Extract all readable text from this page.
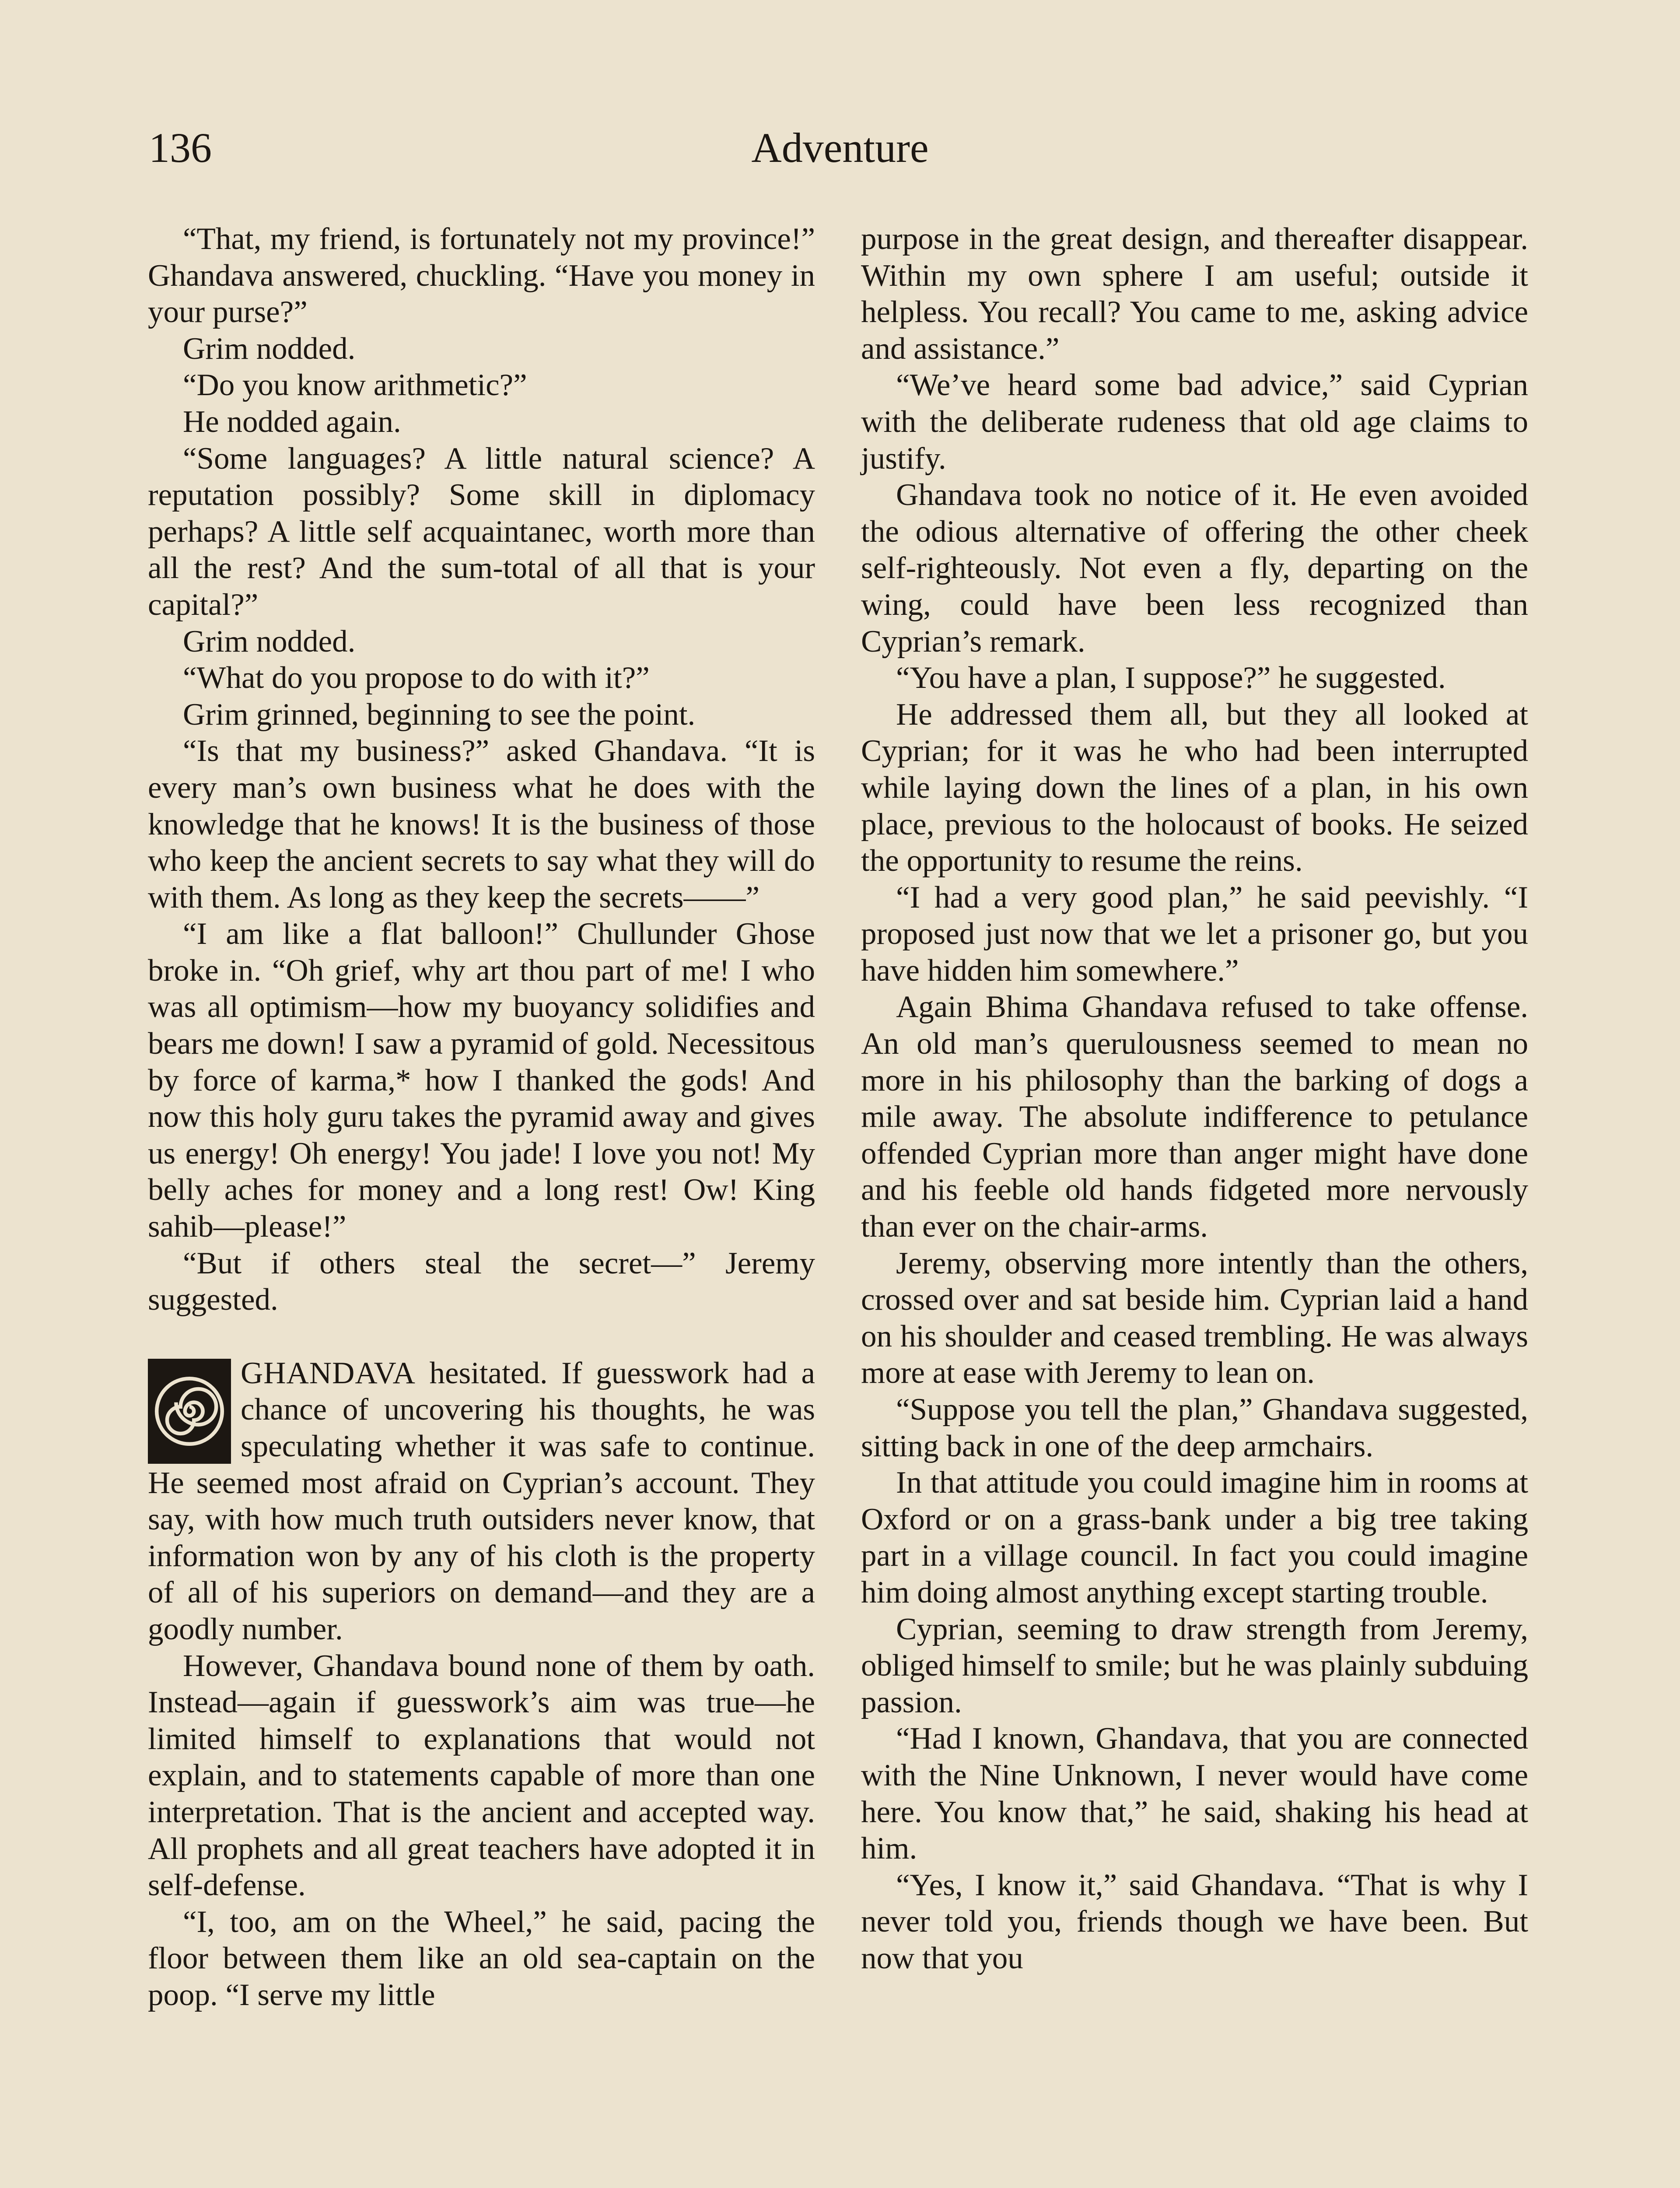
136	Adventure

“That, my friend, is fortunately not my province!” Ghandava answered, chuckling. “Have you money in your purse?”

Grim nodded.

“Do you know arithmetic?”

He nodded again.

“Some languages? A little natural science? A reputation possibly? Some skill in diplomacy perhaps? A little self acquaintanec, worth more than all the rest? And the sum-total of all that is your capital?”

Grim nodded.

“What do you propose to do with it?”

Grim grinned, beginning to see the point.

“Is that my business?” asked Ghandava. “It is every man’s own business what he does with the knowledge that he knows! It is the business of those who keep the ancient secrets to say what they will do with them. As long as they keep the secrets——”

“I am like a flat balloon!” Chullunder Ghose broke in. “Oh grief, why art thou part of me! I who was all optimism—how my buoyancy solidifies and bears me down! I saw a pyramid of gold. Necessitous by force of karma,* how I thanked the gods! And now this holy guru takes the pyramid away and gives us energy! Oh energy! You jade! I love you not! My belly aches for money and a long rest! Ow! King sahib—please!”

“But if others steal the secret—” Jeremy suggested.

GHANDAVA hesitated. If guesswork had a chance of uncovering his thoughts, he was speculating whether it was safe to continue. He seemed most afraid on Cyprian’s account. They say, with how much truth outsiders never know, that information won by any of his cloth is the property of all of his superiors on demand—and they are a goodly number.

However, Ghandava bound none of them by oath. Instead—again if guesswork’s aim was true—he limited himself to explanations that would not explain, and to statements capable of more than one interpretation. That is the ancient and accepted way. All prophets and all great teachers have adopted it in self-defense.

“I, too, am on the Wheel,” he said, pacing the floor between them like an old sea-captain on the poop. “I serve my little

purpose in the great design, and thereafter disappear. Within my own sphere I am useful; outside it helpless. You recall? You came to me, asking advice and assistance.”

“We’ve heard some bad advice,” said Cyprian with the deliberate rudeness that old age claims to justify.

Ghandava took no notice of it. He even avoided the odious alternative of offering the other cheek self-righteously. Not even a fly, departing on the wing, could have been less recognized than Cyprian’s remark.

“You have a plan, I suppose?” he suggested.

He addressed them all, but they all looked at Cyprian; for it was he who had been interrupted while laying down the lines of a plan, in his own place, previous to the holocaust of books. He seized the opportunity to resume the reins.

“I had a very good plan,” he said peevishly. “I proposed just now that we let a prisoner go, but you have hidden him somewhere.”

Again Bhima Ghandava refused to take offense. An old man’s querulousness seemed to mean no more in his philosophy than the barking of dogs a mile away. The absolute indifference to petulance offended Cyprian more than anger might have done and his feeble old hands fidgeted more nervously than ever on the chair-arms.

Jeremy, observing more intently than the others, crossed over and sat beside him. Cyprian laid a hand on his shoulder and ceased trembling. He was always more at ease with Jeremy to lean on.

“Suppose you tell the plan,” Ghandava suggested, sitting back in one of the deep armchairs.

In that attitude you could imagine him in rooms at Oxford or on a grass-bank under a big tree taking part in a village council. In fact you could imagine him doing almost anything except starting trouble.

Cyprian, seeming to draw strength from Jeremy, obliged himself to smile; but he was plainly subduing passion.

“Had I known, Ghandava, that you are connected with the Nine Unknown, I never would have come here. You know that,” he said, shaking his head at him.

“Yes, I know it,” said Ghandava. “That is why I never told you, friends though we have been. But now that you
